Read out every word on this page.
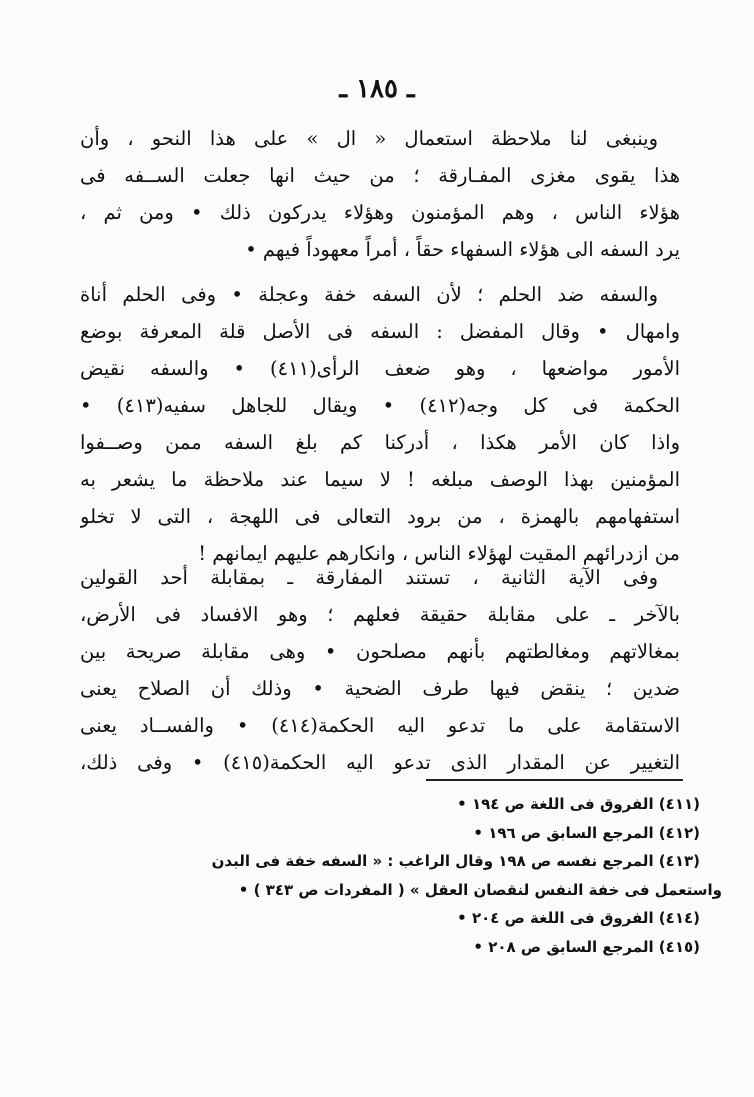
ـ ١٨٥ ـ
وينبغى لنا ملاحظة استعمال « ال » على هذا النحو ، وأن
هذا يقوى مغزى المفـارقة ؛ من حيث انها جعلت الســفه فى
هؤلاء الناس ، وهم المؤمنون وهؤلاء يدركون ذلك • ومن ثم ،
يرد السفه الى هؤلاء السفهاء حقاً ، أمراً معهوداً فيهم •
والسفه ضد الحلم ؛ لأن السفه خفة وعجلة • وفى الحلم أناة
وامهال • وقال المفضل : السفه فى الأصل قلة المعرفة بوضع
الأمور مواضعها ، وهو ضعف الرأى(٤١١) • والسفه نقيض
الحكمة فى كل وجه(٤١٢) • ويقال للجاهل سفيه(٤١٣) •
واذا كان الأمر هكذا ، أدركنا كم بلغ السفه ممن وصــفوا
المؤمنين بهذا الوصف مبلغه ! لا سيما عند ملاحظة ما يشعر به
استفهامهم بالهمزة ، من برود التعالى فى اللهجة ، التى لا تخلو
من ازدرائهم المقيت لهؤلاء الناس ، وانكارهم عليهم ايمانهم !
وفى الآية الثانية ، تستند المفارقة ـ بمقابلة أحد القولين
بالآخر ـ على مقابلة حقيقة فعلهم ؛ وهو الافساد فى الأرض،
بمغالاتهم ومغالطتهم بأنهم مصلحون • وهى مقابلة صريحة بين
ضدين ؛ ينقض فيها طرف الضحية • وذلك أن الصلاح يعنى
الاستقامة على ما تدعو اليه الحكمة(٤١٤) • والفســاد يعنى
التغيير عن المقدار الذى تدعو اليه الحكمة(٤١٥) • وفى ذلك،
(٤١١) الفروق فى اللغة ص ١٩٤ •
(٤١٢) المرجع السابق ص ١٩٦ •
(٤١٣) المرجع نفسه ص ١٩٨ وقال الراغب : « السفه خفة فى البدن
واستعمل فى خفة النفس لنقصان العقل » ( المفردات ص ٣٤٣ ) •
(٤١٤) الفروق فى اللغة ص ٢٠٤ •
(٤١٥) المرجع السابق ص ٢٠٨ •
